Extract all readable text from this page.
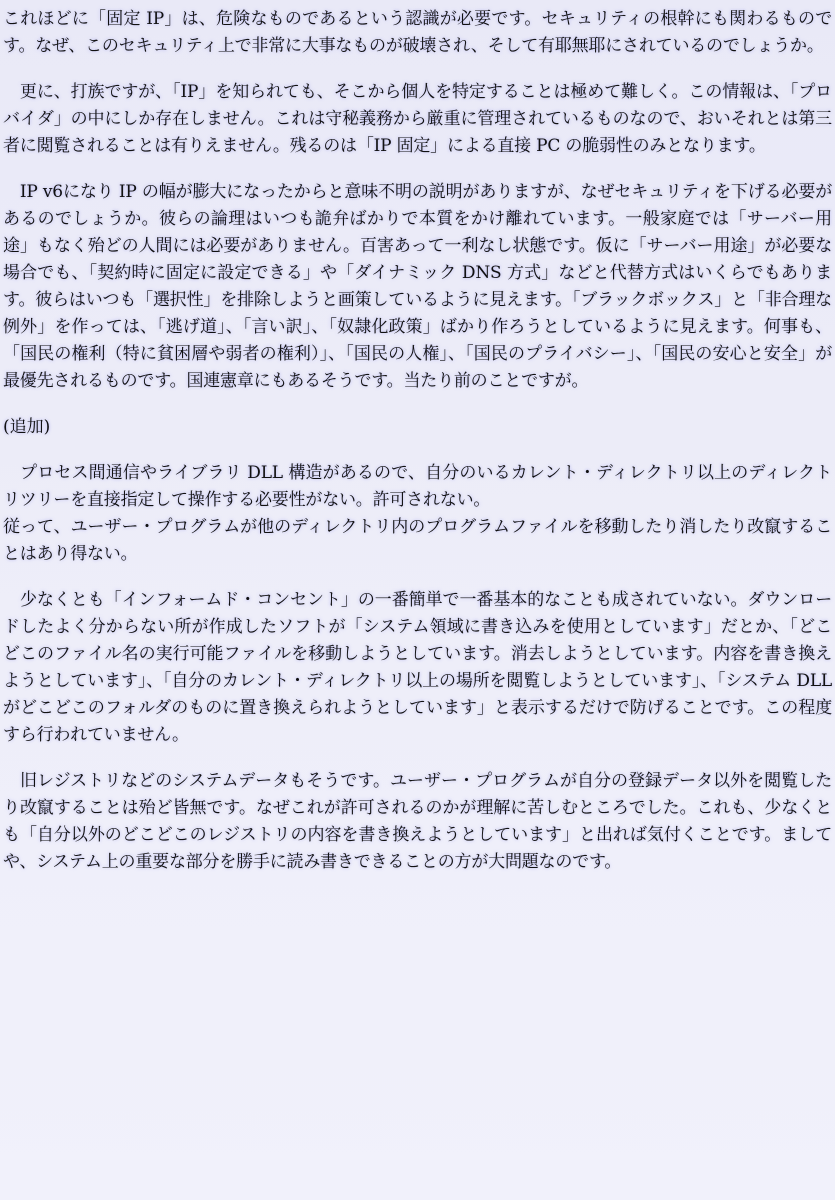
これほどに「固定 IP」は、危険なものであるという認識が必要です。セキュリティの根幹にも関わるものです。なぜ、このセキュリティ上で非常に大事なものが破壊され、そして有耶無耶にされているのでしょうか。

　更に、打族ですが、「IP」を知られても、そこから個人を特定することは極めて難しく。この情報は、「プロバイダ」の中にしか存在しません。これは守秘義務から厳重に管理されているものなので、おいそれとは第三者に閲覧されることは有りえません。残るのは「IP 固定」による直接 PC の脆弱性のみとなります。

　IP v6になり IP の幅が膨大になったからと意味不明の説明がありますが、なぜセキュリティを下げる必要があるのでしょうか。彼らの論理はいつも詭弁ばかりで本質をかけ離れています。一般家庭では「サーバー用途」もなく殆どの人間には必要がありません。百害あって一利なし状態です。仮に「サーバー用途」が必要な場合でも、「契約時に固定に設定できる」や「ダイナミック DNS 方式」などと代替方式はいくらでもあります。彼らはいつも「選択性」を排除しようと画策しているように見えます。「ブラックボックス」と「非合理な例外」を作っては、「逃げ道」、「言い訳」、「奴隷化政策」ばかり作ろうとしているように見えます。何事も、「国民の権利（特に貧困層や弱者の権利）」、「国民の人権」、「国民のプライバシー」、「国民の安心と安全」が最優先されるものです。国連憲章にもあるそうです。当たり前のことですが。

(追加)

　プロセス間通信やライブラリ DLL 構造があるので、自分のいるカレント・ディレクトリ以上のディレクトリツリーを直接指定して操作する必要性がない。許可されない。
従って、ユーザー・プログラムが他のディレクトリ内のプログラムファイルを移動したり消したり改竄することはあり得ない。

　少なくとも「インフォームド・コンセント」の一番簡単で一番基本的なことも成されていない。ダウンロードしたよく分からない所が作成したソフトが「システム領域に書き込みを使用としています」だとか、「どこどこのファイル名の実行可能ファイルを移動しようとしています。消去しようとしています。内容を書き換えようとしています」、「自分のカレント・ディレクトリ以上の場所を閲覧しようとしています」、「システム DLL がどこどこのフォルダのものに置き換えられようとしています」と表示するだけで防げることです。この程度すら行われていません。

　旧レジストリなどのシステムデータもそうです。ユーザー・プログラムが自分の登録データ以外を閲覧したり改竄することは殆ど皆無です。なぜこれが許可されるのかが理解に苦しむところでした。これも、少なくとも「自分以外のどこどこのレジストリの内容を書き換えようとしています」と出れば気付くことです。ましてや、システム上の重要な部分を勝手に読み書きできることの方が大問題なのです。
